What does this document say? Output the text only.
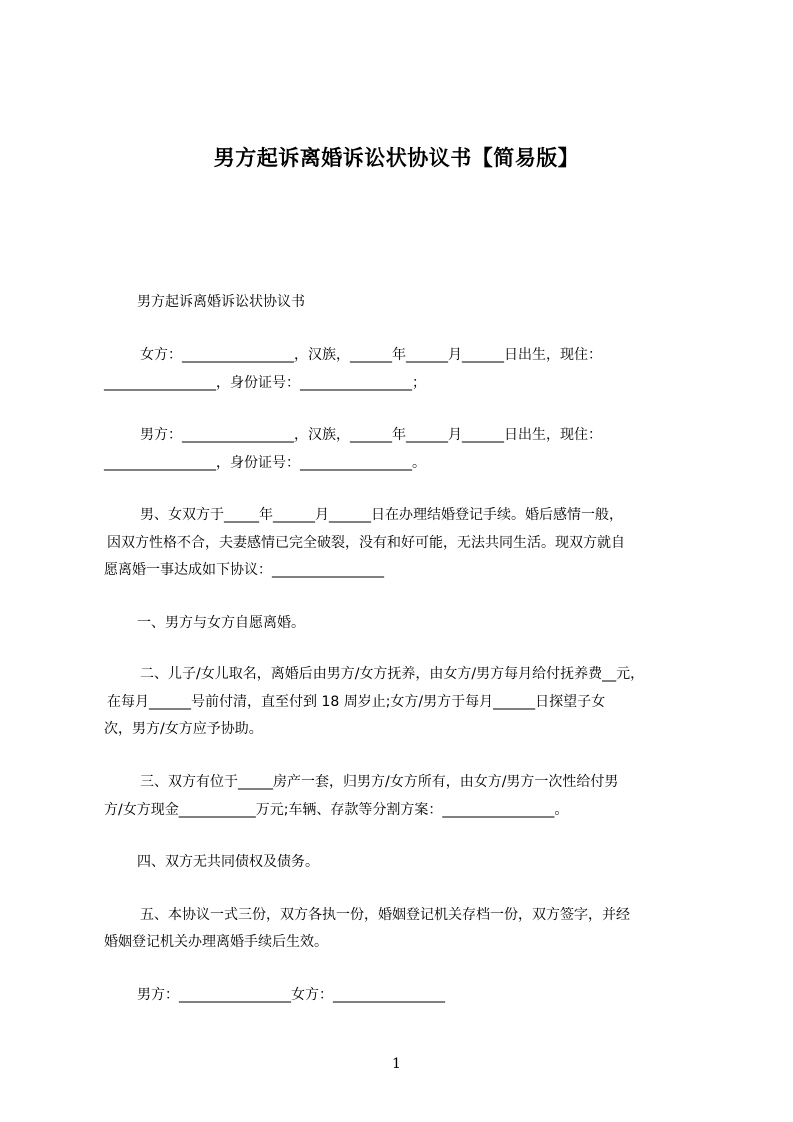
男方起诉离婚诉讼状协议书【简易版】
男方起诉离婚诉讼状协议书
女方：________________，汉族，______年______月______日出生，现住：
________________，身份证号：________________；
男方：________________，汉族，______年______月______日出生，现住：
________________，身份证号：________________。
男、女双方于_____年______月______日在办理结婚登记手续。婚后感情一般，
因双方性格不合，夫妻感情已完全破裂，没有和好可能，无法共同生活。现双方就自
愿离婚一事达成如下协议：________________
一、男方与女方自愿离婚。
二、儿子/女儿取名，离婚后由男方/女方抚养，由女方/男方每月给付抚养费__元，
在每月______号前付清，直至付到 18 周岁止;女方/男方于每月______日探望子女
次，男方/女方应予协助。
三、双方有位于_____房产一套，归男方/女方所有，由女方/男方一次性给付男
方/女方现金___________万元;车辆、存款等分割方案：________________。
四、双方无共同债权及债务。
五、本协议一式三份，双方各执一份，婚姻登记机关存档一份，双方签字，并经
婚姻登记机关办理离婚手续后生效。
男方：________________女方：________________
1
